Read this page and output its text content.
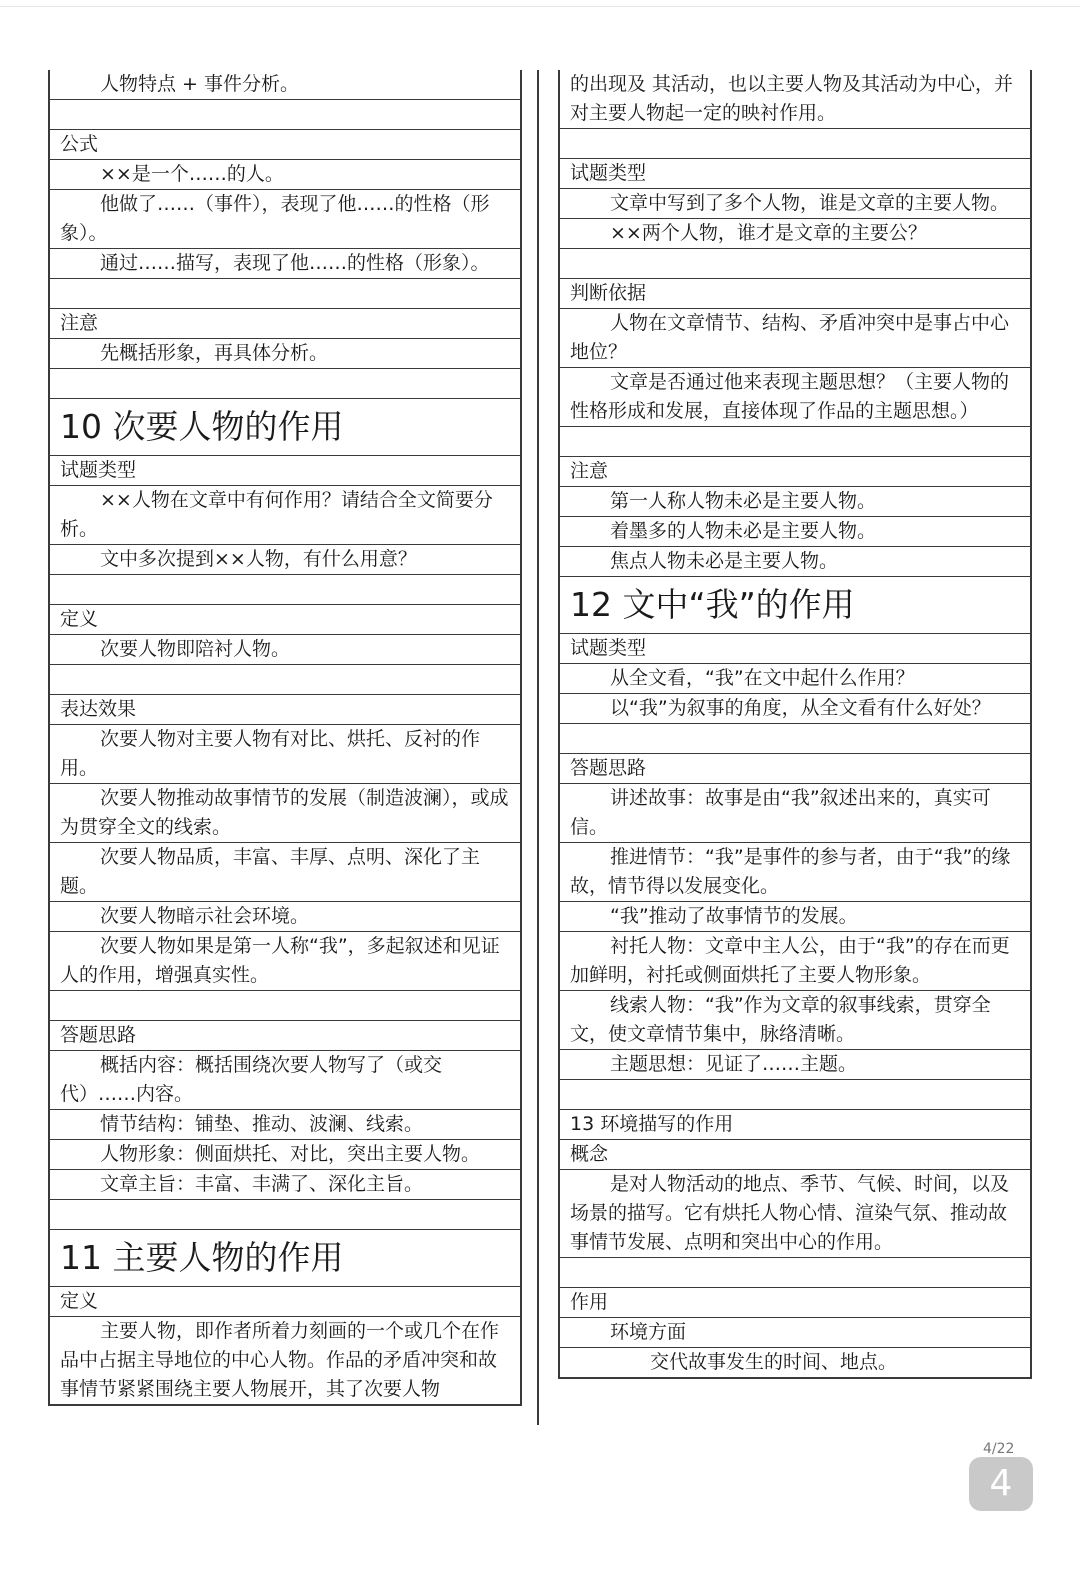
人物特点 + 事件分析。
公式
××是一个……的人。
他做了……（事件），表现了他……的性格（形象）。
通过……描写，表现了他……的性格（形象）。
注意
先概括形象，再具体分析。
10 次要人物的作用
试题类型
××人物在文章中有何作用？请结合全文简要分析。
文中多次提到××人物，有什么用意？
定义
次要人物即陪衬人物。
表达效果
次要人物对主要人物有对比、烘托、反衬的作用。
次要人物推动故事情节的发展（制造波澜），或成为贯穿全文的线索。
次要人物品质，丰富、丰厚、点明、深化了主题。
次要人物暗示社会环境。
次要人物如果是第一人称“我”，多起叙述和见证人的作用，增强真实性。
答题思路
概括内容：概括围绕次要人物写了（或交代）……内容。
情节结构：铺垫、推动、波澜、线索。
人物形象：侧面烘托、对比，突出主要人物。
文章主旨：丰富、丰满了、深化主旨。
11 主要人物的作用
定义
主要人物，即作者所着力刻画的一个或几个在作品中占据主导地位的中心人物。作品的矛盾冲突和故事情节紧紧围绕主要人物展开，其了次要人物
的出现及 其活动，也以主要人物及其活动为中心，并对主要人物起一定的映衬作用。
试题类型
文章中写到了多个人物，谁是文章的主要人物。
××两个人物，谁才是文章的主要公？
判断依据
人物在文章情节、结构、矛盾冲突中是事占中心地位？
文章是否通过他来表现主题思想？（主要人物的性格形成和发展，直接体现了作品的主题思想。）
注意
第一人称人物未必是主要人物。
着墨多的人物未必是主要人物。
焦点人物未必是主要人物。
12 文中“我”的作用
试题类型
从全文看，“我”在文中起什么作用？
以“我”为叙事的角度，从全文看有什么好处？
答题思路
讲述故事：故事是由“我”叙述出来的，真实可信。
推进情节：“我”是事件的参与者，由于“我”的缘故，情节得以发展变化。
“我”推动了故事情节的发展。
衬托人物：文章中主人公，由于“我”的存在而更加鲜明，衬托或侧面烘托了主要人物形象。
线索人物：“我”作为文章的叙事线索，贯穿全文，使文章情节集中，脉络清晰。
主题思想：见证了……主题。
13 环境描写的作用
概念
是对人物活动的地点、季节、气候、时间，以及场景的描写。它有烘托人物心情、渲染气氛、推动故事情节发展、点明和突出中心的作用。
作用
环境方面
交代故事发生的时间、地点。
4/22
4
